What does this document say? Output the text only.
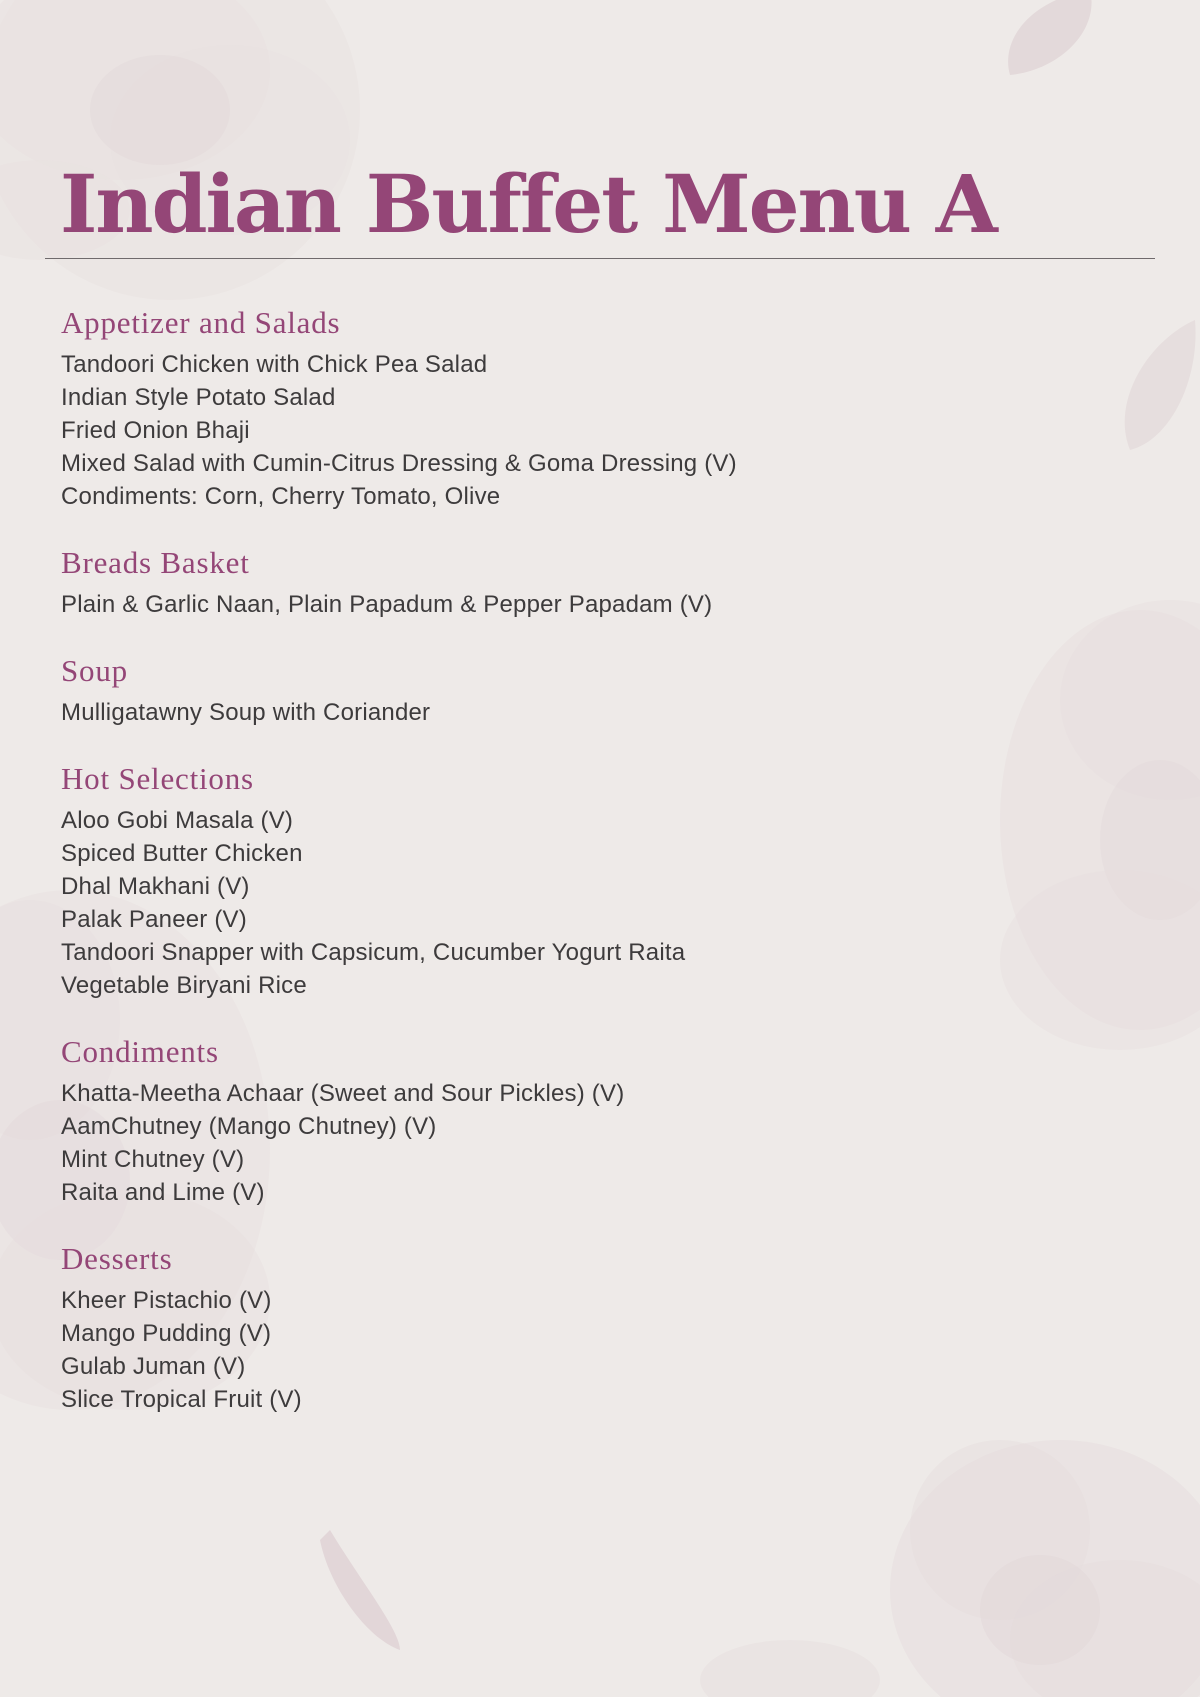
Indian Buffet Menu A
Appetizer and Salads
Tandoori Chicken with Chick Pea Salad
Indian Style Potato Salad
Fried Onion Bhaji
Mixed Salad with Cumin-Citrus Dressing & Goma Dressing (V)
Condiments: Corn, Cherry Tomato, Olive
Breads Basket
Plain & Garlic Naan, Plain Papadum & Pepper Papadam (V)
Soup
Mulligatawny Soup with Coriander
Hot Selections
Aloo Gobi Masala (V)
Spiced Butter Chicken
Dhal Makhani (V)
Palak Paneer (V)
Tandoori Snapper with Capsicum, Cucumber Yogurt Raita
Vegetable Biryani Rice
Condiments
Khatta-Meetha Achaar (Sweet and Sour Pickles) (V)
AamChutney (Mango Chutney) (V)
Mint Chutney (V)
Raita and Lime (V)
Desserts
Kheer Pistachio (V)
Mango Pudding (V)
Gulab Juman (V)
Slice Tropical Fruit (V)
